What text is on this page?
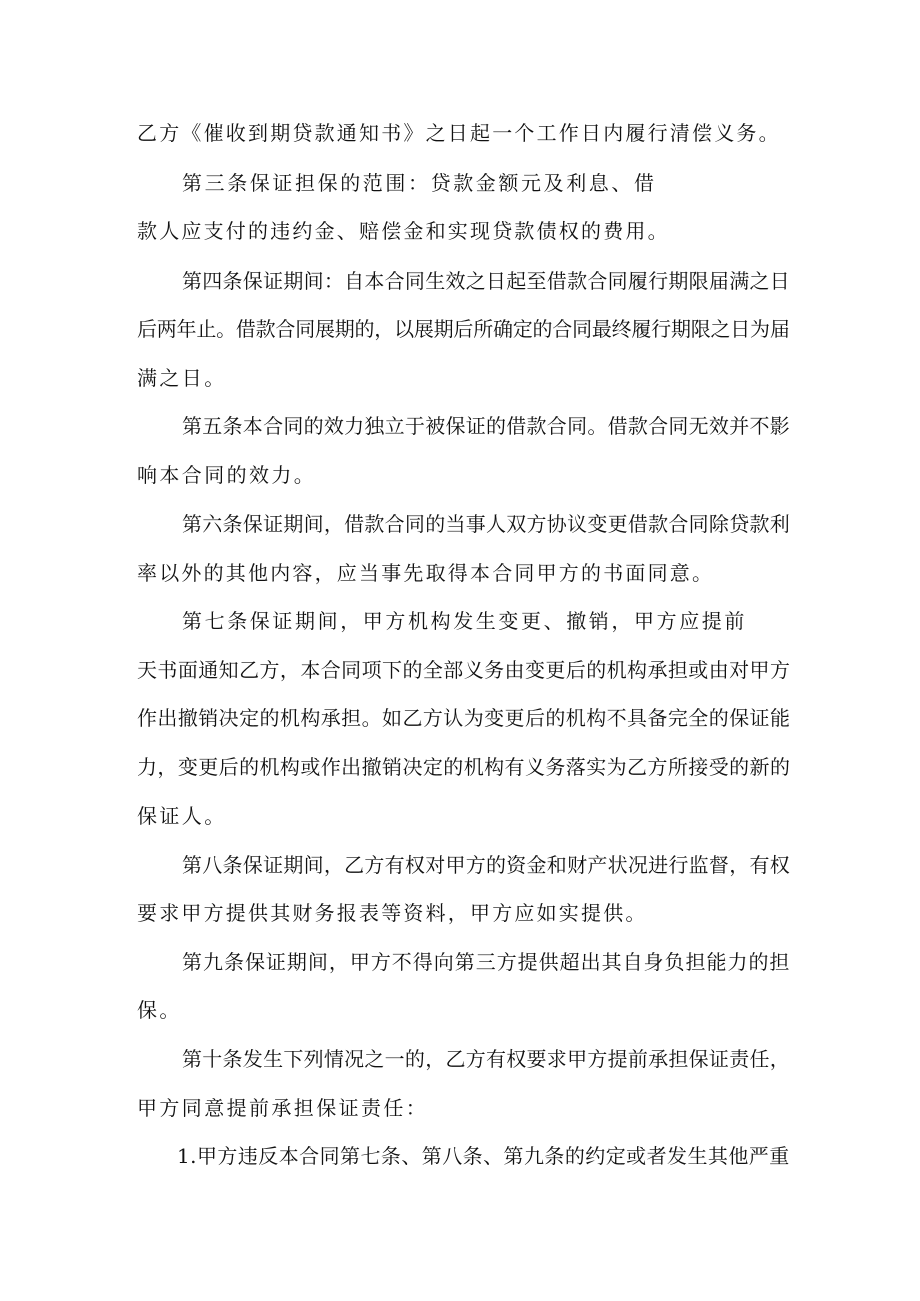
乙方《催收到期贷款通知书》之日起一个工作日内履行清偿义务。
第三条保证担保的范围：贷款金额元及利息、借
款人应支付的违约金、赔偿金和实现贷款债权的费用。
第四条保证期间：自本合同生效之日起至借款合同履行期限届满之日
后两年止。借款合同展期的，以展期后所确定的合同最终履行期限之日为届
满之日。
第五条本合同的效力独立于被保证的借款合同。借款合同无效并不影
响本合同的效力。
第六条保证期间，借款合同的当事人双方协议变更借款合同除贷款利
率以外的其他内容，应当事先取得本合同甲方的书面同意。
第七条保证期间，甲方机构发生变更、撤销，甲方应提前
天书面通知乙方，本合同项下的全部义务由变更后的机构承担或由对甲方
作出撤销决定的机构承担。如乙方认为变更后的机构不具备完全的保证能
力，变更后的机构或作出撤销决定的机构有义务落实为乙方所接受的新的
保证人。
第八条保证期间，乙方有权对甲方的资金和财产状况进行监督，有权
要求甲方提供其财务报表等资料，甲方应如实提供。
第九条保证期间，甲方不得向第三方提供超出其自身负担能力的担
保。
第十条发生下列情况之一的，乙方有权要求甲方提前承担保证责任，
甲方同意提前承担保证责任：
1.甲方违反本合同第七条、第八条、第九条的约定或者发生其他严重
